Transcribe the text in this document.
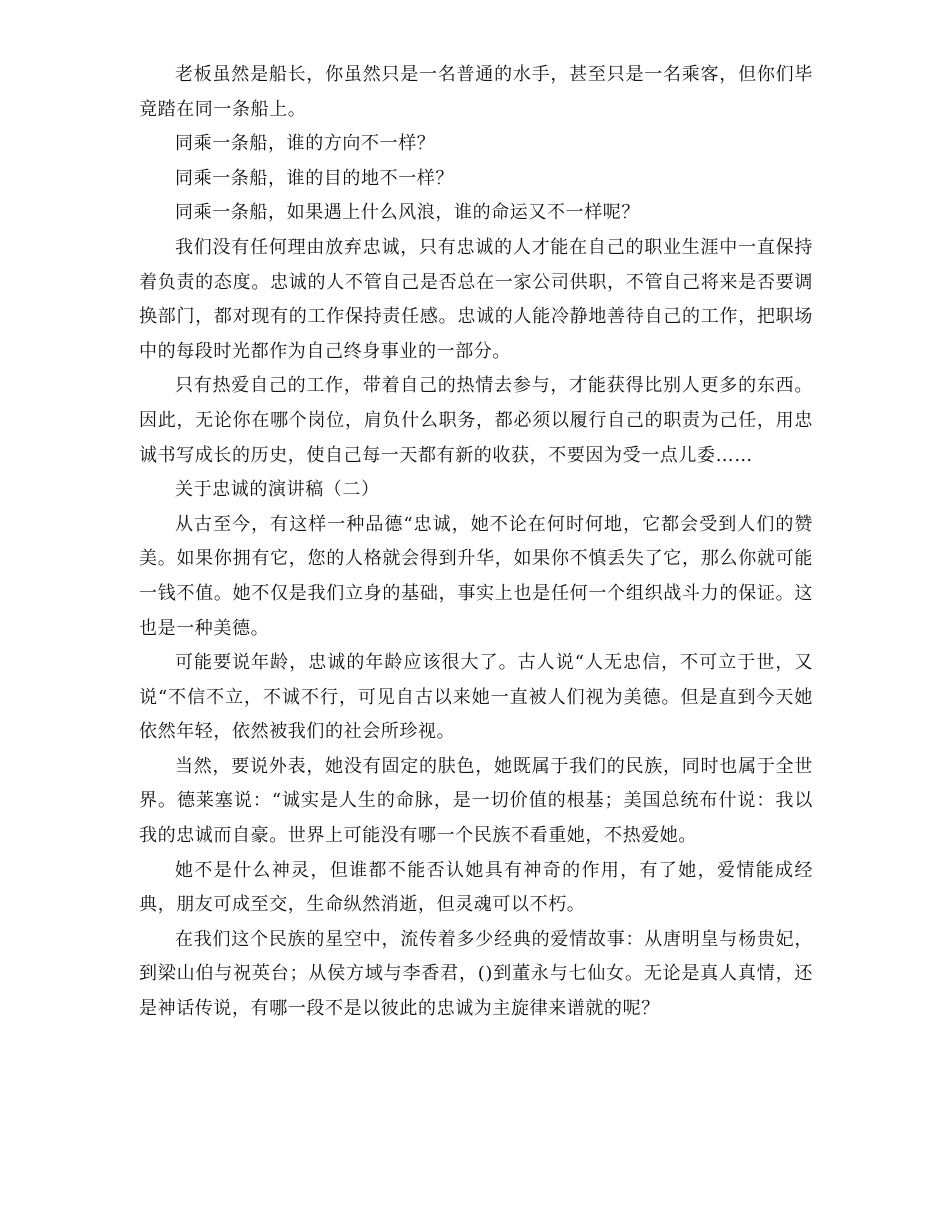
老板虽然是船长，你虽然只是一名普通的水手，甚至只是一名乘客，但你们毕竟踏在同一条船上。

同乘一条船，谁的方向不一样？

同乘一条船，谁的目的地不一样？

同乘一条船，如果遇上什么风浪，谁的命运又不一样呢？

我们没有任何理由放弃忠诚，只有忠诚的人才能在自己的职业生涯中一直保持着负责的态度。忠诚的人不管自己是否总在一家公司供职，不管自己将来是否要调换部门，都对现有的工作保持责任感。忠诚的人能冷静地善待自己的工作，把职场中的每段时光都作为自己终身事业的一部分。

只有热爱自己的工作，带着自己的热情去参与，才能获得比别人更多的东西。因此，无论你在哪个岗位，肩负什么职务，都必须以履行自己的职责为己任，用忠诚书写成长的历史，使自己每一天都有新的收获，不要因为受一点儿委……

关于忠诚的演讲稿（二）

从古至今，有这样一种品德“忠诚，她不论在何时何地，它都会受到人们的赞美。如果你拥有它，您的人格就会得到升华，如果你不慎丢失了它，那么你就可能一钱不值。她不仅是我们立身的基础，事实上也是任何一个组织战斗力的保证。这也是一种美德。

可能要说年龄，忠诚的年龄应该很大了。古人说“人无忠信，不可立于世，又说“不信不立，不诚不行，可见自古以来她一直被人们视为美德。但是直到今天她依然年轻，依然被我们的社会所珍视。

当然，要说外表，她没有固定的肤色，她既属于我们的民族，同时也属于全世界。德莱塞说：“诚实是人生的命脉，是一切价值的根基；美国总统布什说：我以我的忠诚而自豪。世界上可能没有哪一个民族不看重她，不热爱她。

她不是什么神灵，但谁都不能否认她具有神奇的作用，有了她，爱情能成经典，朋友可成至交，生命纵然消逝，但灵魂可以不朽。

在我们这个民族的星空中，流传着多少经典的爱情故事：从唐明皇与杨贵妃，到梁山伯与祝英台；从侯方域与李香君，()到董永与七仙女。无论是真人真情，还是神话传说，有哪一段不是以彼此的忠诚为主旋律来谱就的呢？
